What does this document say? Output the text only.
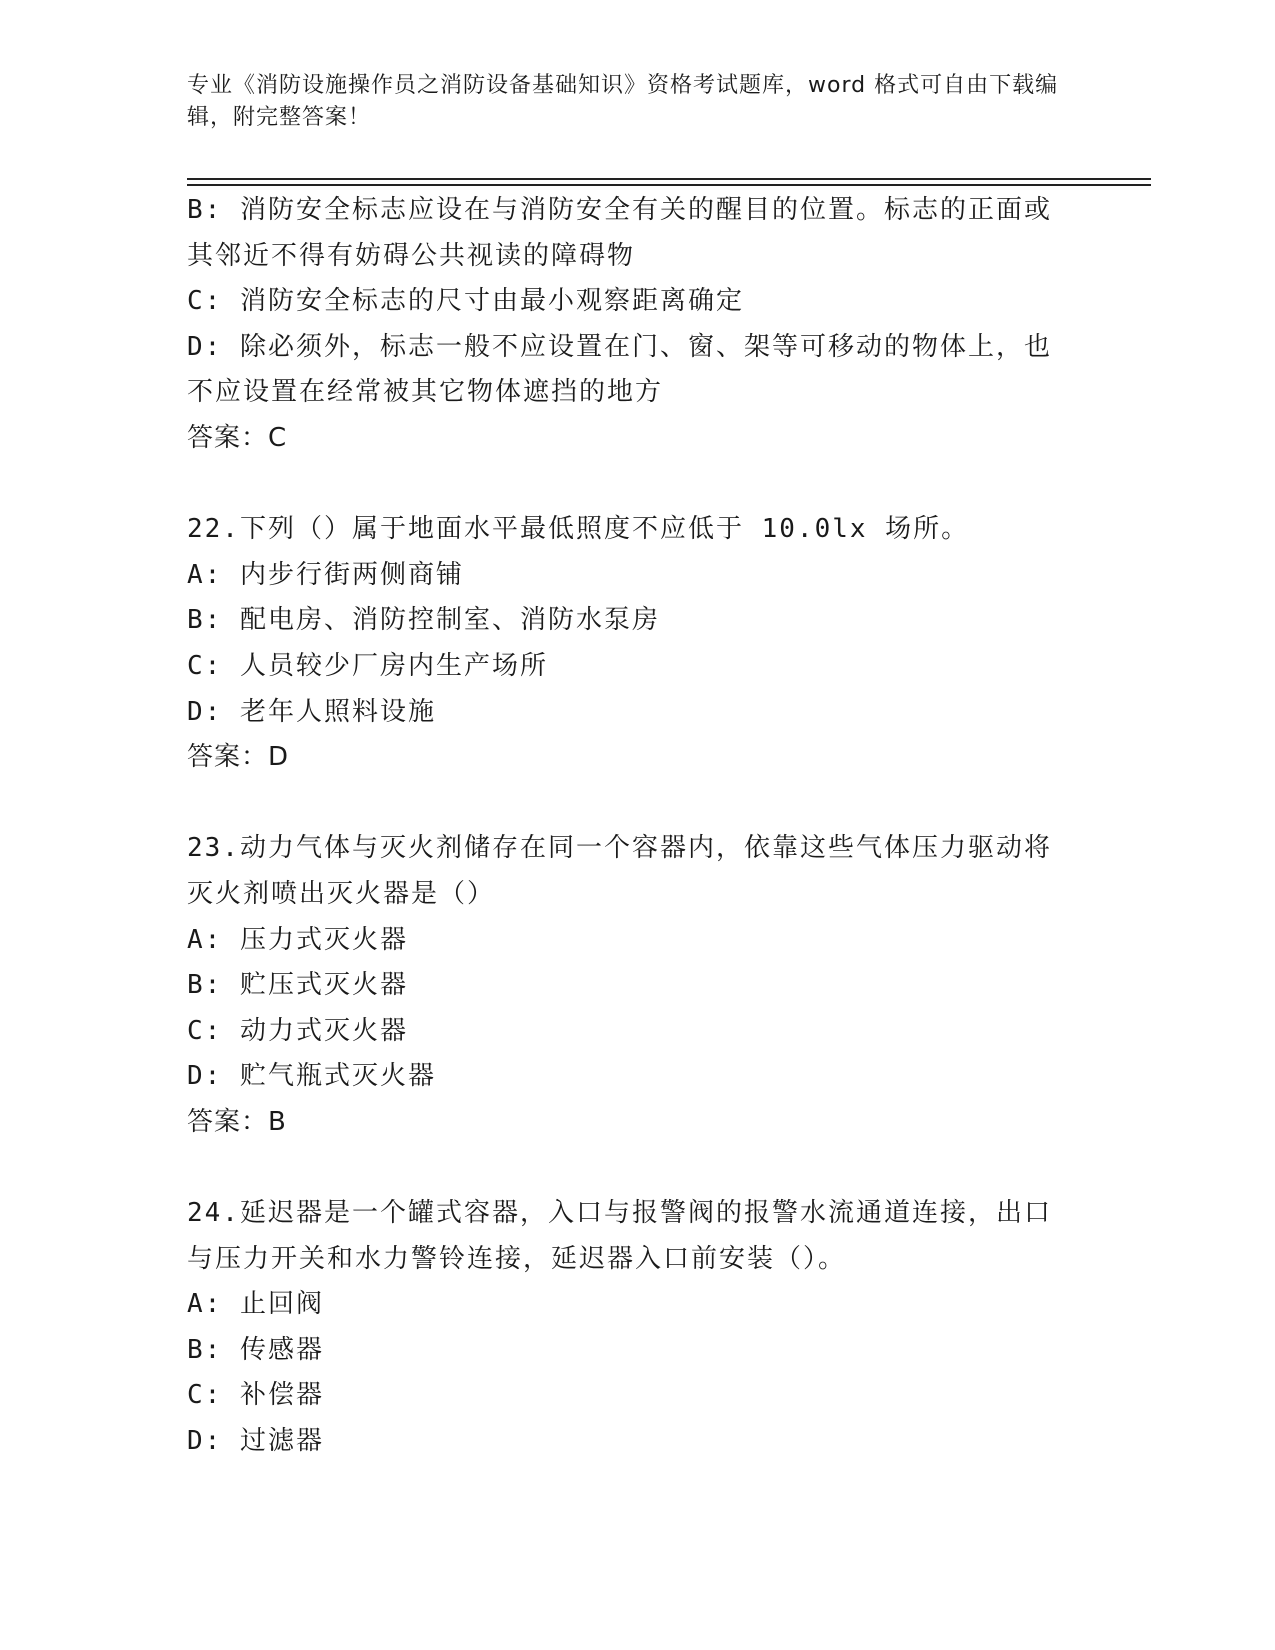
专业《消防设施操作员之消防设备基础知识》资格考试题库，word 格式可自由下载编辑，附完整答案！

B: 消防安全标志应设在与消防安全有关的醒目的位置。标志的正面或

其邻近不得有妨碍公共视读的障碍物

C: 消防安全标志的尺寸由最小观察距离确定

D: 除必须外，标志一般不应设置在门、窗、架等可移动的物体上，也

不应设置在经常被其它物体遮挡的地方

答案：C

22.下列（）属于地面水平最低照度不应低于 10.0lx 场所。

A: 内步行街两侧商铺

B: 配电房、消防控制室、消防水泵房

C: 人员较少厂房内生产场所

D: 老年人照料设施

答案：D

23.动力气体与灭火剂储存在同一个容器内，依靠这些气体压力驱动将

灭火剂喷出灭火器是（）

A: 压力式灭火器

B: 贮压式灭火器

C: 动力式灭火器

D: 贮气瓶式灭火器

答案：B

24.延迟器是一个罐式容器，入口与报警阀的报警水流通道连接，出口

与压力开关和水力警铃连接，延迟器入口前安装（）。

A: 止回阀

B: 传感器

C: 补偿器

D: 过滤器
